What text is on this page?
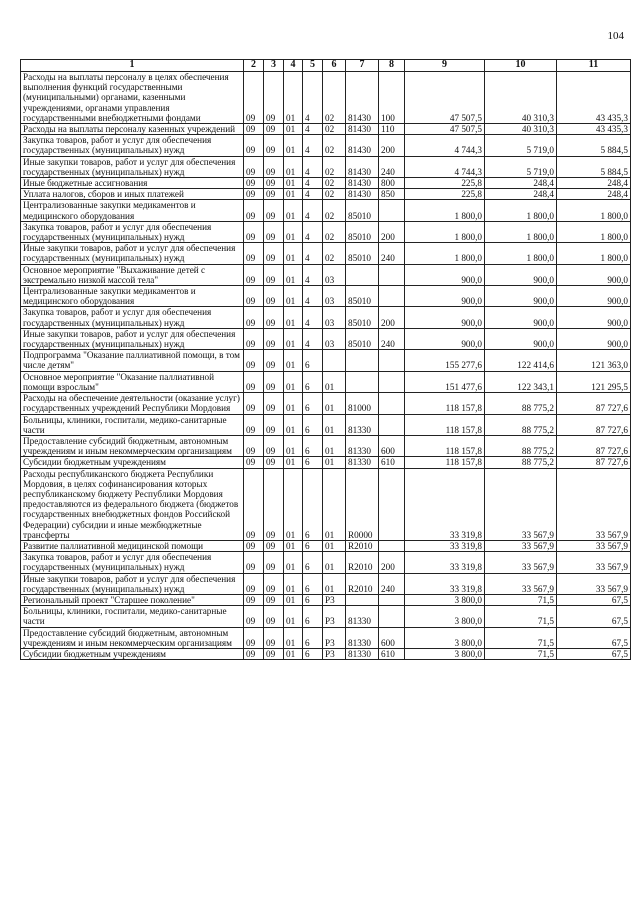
104
1	2	3	4	5	6	7	8	9	10	11
Расходы на выплаты персоналу в целях обеспечения выполнения функций государственными (муниципальными) органами, казенными учреждениями, органами управления государственными внебюджетными фондами	09	09	01	4	02	81430	100	47 507,5	40 310,3	43 435,3
Расходы на выплаты персоналу казенных учреждений	09	09	01	4	02	81430	110	47 507,5	40 310,3	43 435,3
Закупка товаров, работ и услуг для обеспечения государственных (муниципальных) нужд	09	09	01	4	02	81430	200	4 744,3	5 719,0	5 884,5
Иные закупки товаров, работ и услуг для обеспечения государственных (муниципальных) нужд	09	09	01	4	02	81430	240	4 744,3	5 719,0	5 884,5
Иные бюджетные ассигнования	09	09	01	4	02	81430	800	225,8	248,4	248,4
Уплата налогов, сборов и иных платежей	09	09	01	4	02	81430	850	225,8	248,4	248,4
Централизованные закупки медикаментов и медицинского оборудования	09	09	01	4	02	85010		1 800,0	1 800,0	1 800,0
Закупка товаров, работ и услуг для обеспечения государственных (муниципальных) нужд	09	09	01	4	02	85010	200	1 800,0	1 800,0	1 800,0
Иные закупки товаров, работ и услуг для обеспечения государственных (муниципальных) нужд	09	09	01	4	02	85010	240	1 800,0	1 800,0	1 800,0
Основное мероприятие "Выхаживание детей с экстремально низкой массой тела"	09	09	01	4	03			900,0	900,0	900,0
Централизованные закупки медикаментов и медицинского оборудования	09	09	01	4	03	85010		900,0	900,0	900,0
Закупка товаров, работ и услуг для обеспечения государственных (муниципальных) нужд	09	09	01	4	03	85010	200	900,0	900,0	900,0
Иные закупки товаров, работ и услуг для обеспечения государственных (муниципальных) нужд	09	09	01	4	03	85010	240	900,0	900,0	900,0
Подпрограмма "Оказание паллиативной помощи, в том числе детям"	09	09	01	6				155 277,6	122 414,6	121 363,0
Основное мероприятие "Оказание паллиативной помощи взрослым"	09	09	01	6	01			151 477,6	122 343,1	121 295,5
Расходы на обеспечение деятельности (оказание услуг) государственных учреждений Республики Мордовия	09	09	01	6	01	81000		118 157,8	88 775,2	87 727,6
Больницы, клиники, госпитали, медико-санитарные части	09	09	01	6	01	81330		118 157,8	88 775,2	87 727,6
Предоставление субсидий бюджетным, автономным учреждениям и иным некоммерческим организациям	09	09	01	6	01	81330	600	118 157,8	88 775,2	87 727,6
Субсидии бюджетным учреждениям	09	09	01	6	01	81330	610	118 157,8	88 775,2	87 727,6
Расходы республиканского бюджета Республики Мордовия, в целях софинансирования которых республиканскому бюджету Республики Мордовия предоставляются из федерального бюджета (бюджетов государственных внебюджетных фондов Российской Федерации) субсидии и иные межбюджетные трансферты	09	09	01	6	01	R0000		33 319,8	33 567,9	33 567,9
Развитие паллиативной медицинской помощи	09	09	01	6	01	R2010		33 319,8	33 567,9	33 567,9
Закупка товаров, работ и услуг для обеспечения государственных (муниципальных) нужд	09	09	01	6	01	R2010	200	33 319,8	33 567,9	33 567,9
Иные закупки товаров, работ и услуг для обеспечения государственных (муниципальных) нужд	09	09	01	6	01	R2010	240	33 319,8	33 567,9	33 567,9
Региональный проект "Старшее поколение"	09	09	01	6	P3			3 800,0	71,5	67,5
Больницы, клиники, госпитали, медико-санитарные части	09	09	01	6	P3	81330		3 800,0	71,5	67,5
Предоставление субсидий бюджетным, автономным учреждениям и иным некоммерческим организациям	09	09	01	6	P3	81330	600	3 800,0	71,5	67,5
Субсидии бюджетным учреждениям	09	09	01	6	P3	81330	610	3 800,0	71,5	67,5
